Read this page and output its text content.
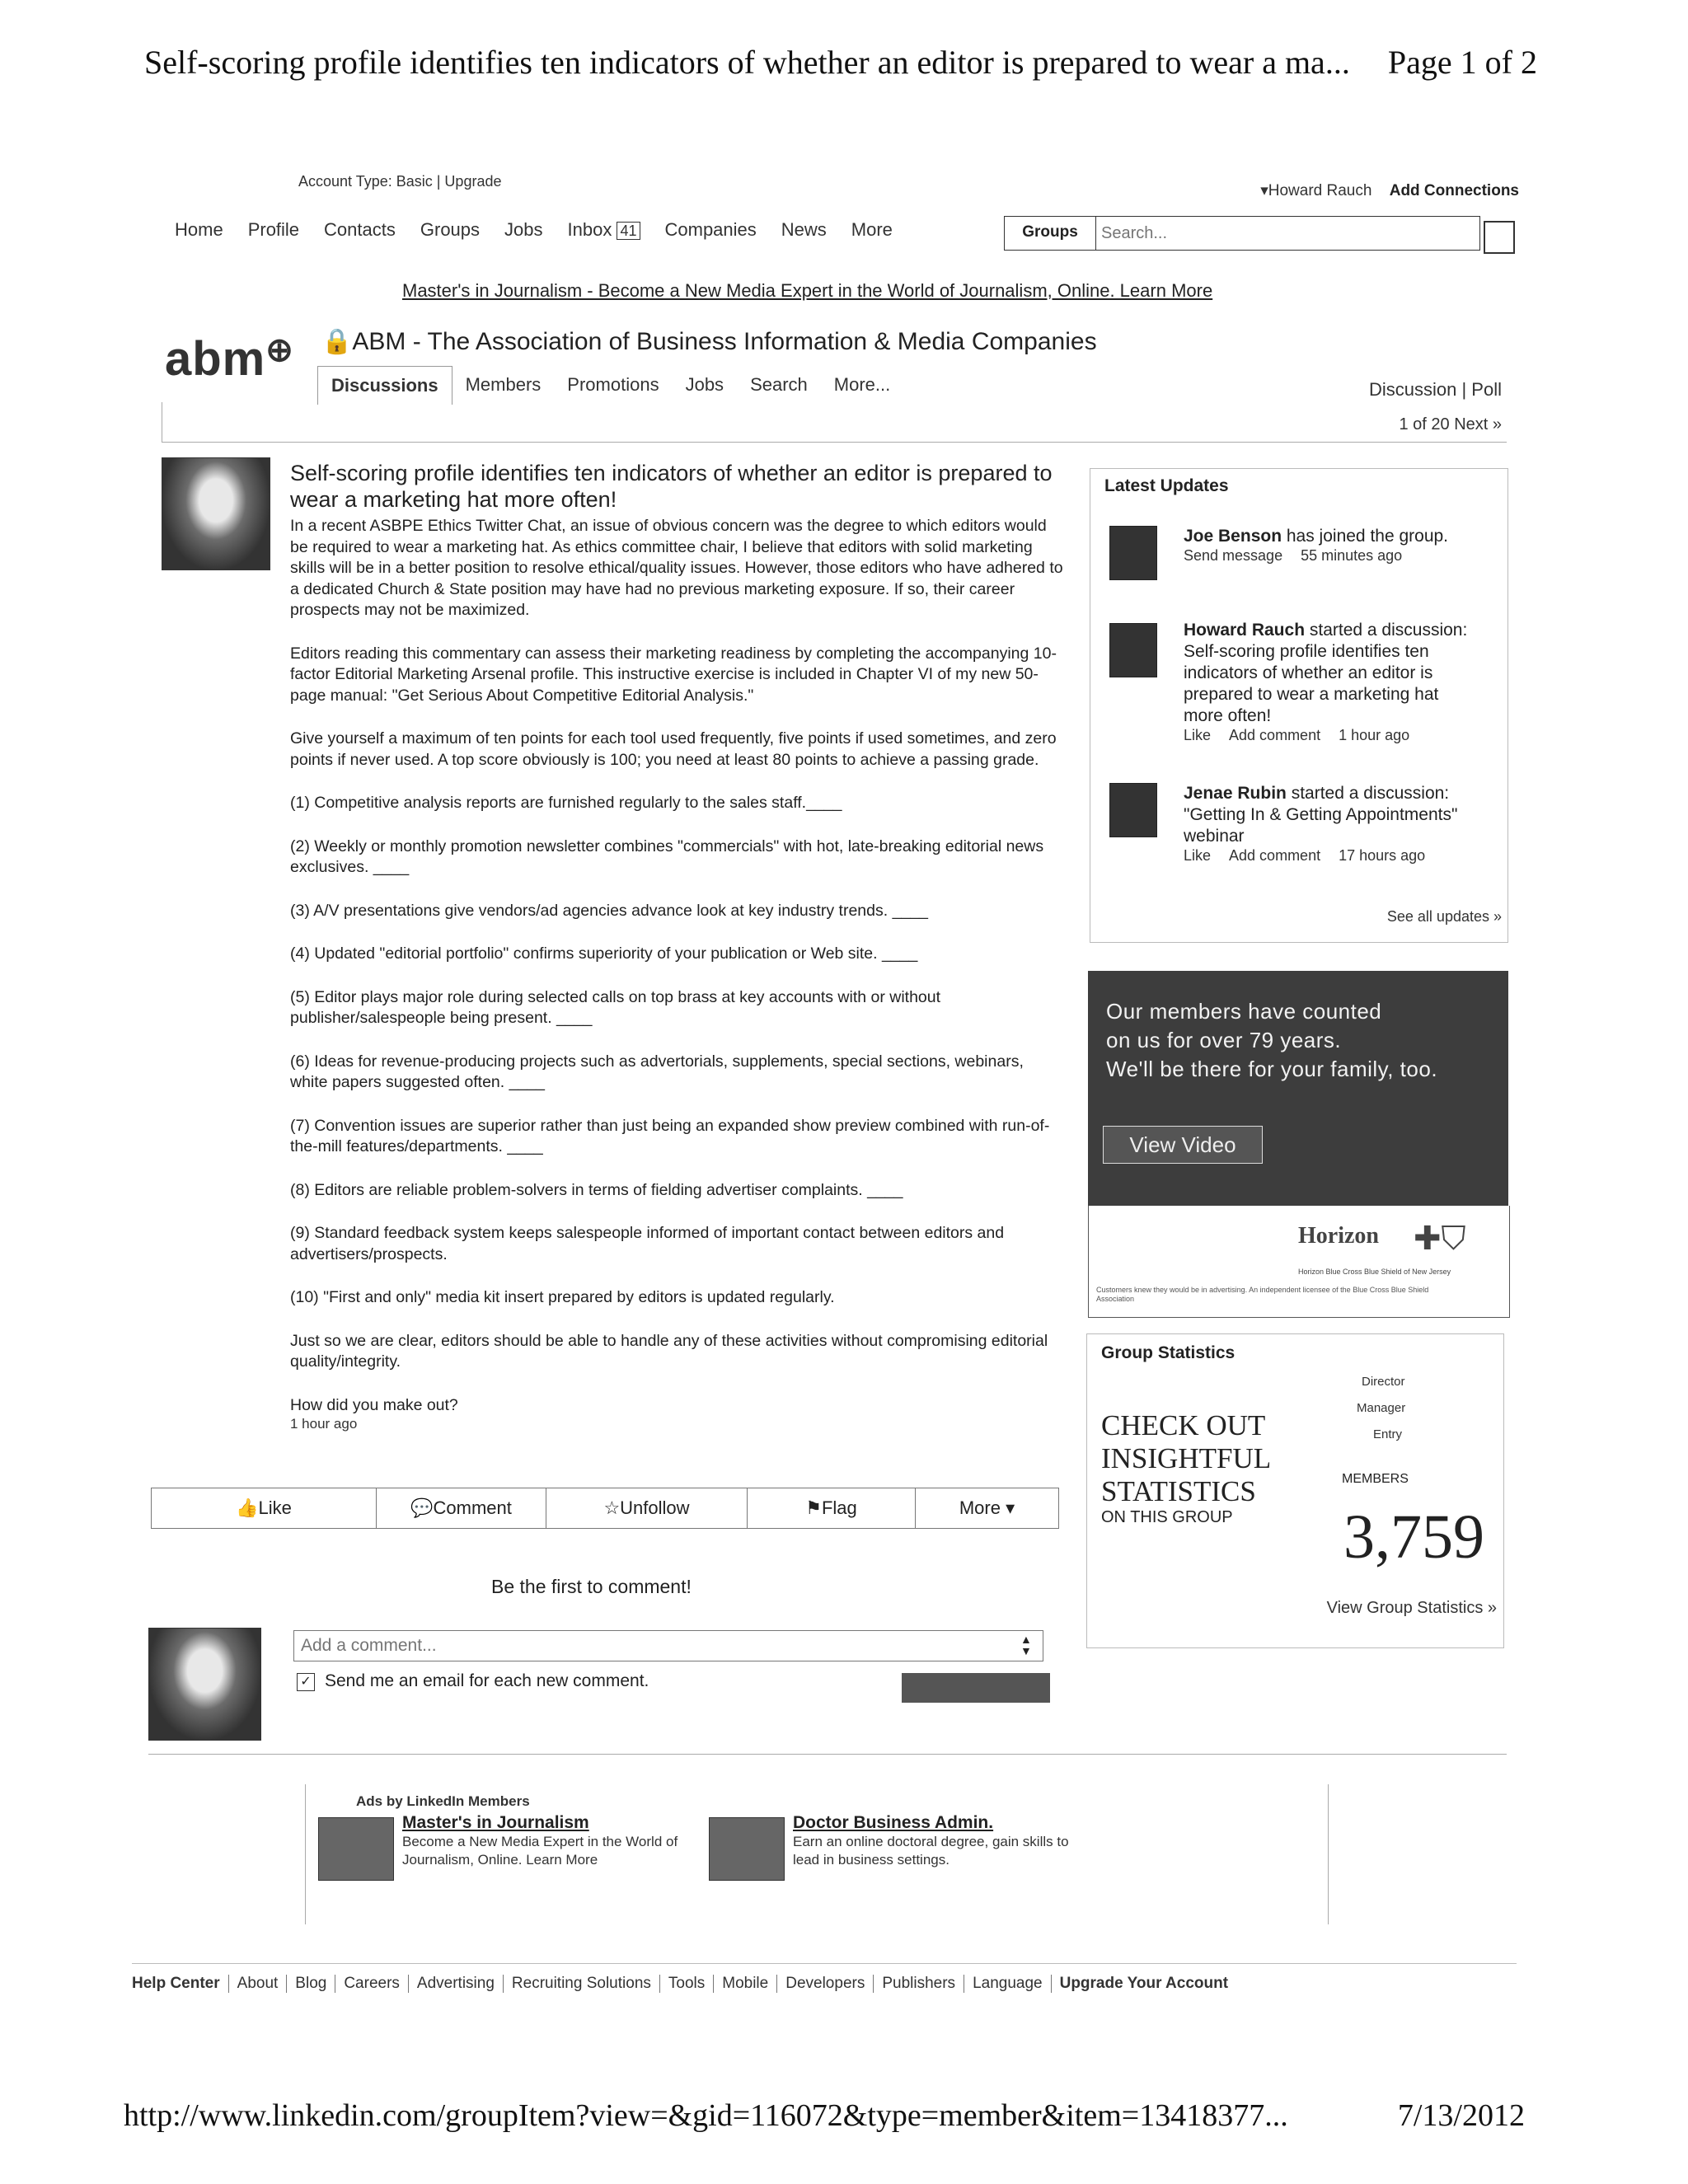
Self-scoring profile identifies ten indicators of whether an editor is prepared to wear a ma... Page 1 of 2
Account Type: Basic | Upgrade
▾Howard Rauch Add Connections
Home Profile Contacts Groups Jobs Inbox 41 Companies News More	Groups
Search...
Master's in Journalism - Become a New Media Expert in the World of Journalism, Online. Learn More
abm⊕ 🔒ABM - The Association of Business Information & Media Companies
Discussions	Members	Promotions	Jobs	Search	More...	Discussion | Poll
1 of 20 Next »
Self-scoring profile identifies ten indicators of whether an editor is prepared to wear a marketing hat more often!

In a recent ASBPE Ethics Twitter Chat, an issue of obvious concern was the degree to which editors would be required to wear a marketing hat. As ethics committee chair, I believe that editors with solid marketing skills will be in a better position to resolve ethical/quality issues. However, those editors who have adhered to a dedicated Church & State position may have had no previous marketing exposure. If so, their career prospects may not be maximized.

Editors reading this commentary can assess their marketing readiness by completing the accompanying 10-factor Editorial Marketing Arsenal profile. This instructive exercise is included in Chapter VI of my new 50-page manual: "Get Serious About Competitive Editorial Analysis."

Give yourself a maximum of ten points for each tool used frequently, five points if used sometimes, and zero points if never used. A top score obviously is 100; you need at least 80 points to achieve a passing grade.

(1) Competitive analysis reports are furnished regularly to the sales staff.____

(2) Weekly or monthly promotion newsletter combines "commercials" with hot, late-breaking editorial news exclusives. ____

(3) A/V presentations give vendors/ad agencies advance look at key industry trends. ____

(4) Updated "editorial portfolio" confirms superiority of your publication or Web site. ____

(5) Editor plays major role during selected calls on top brass at key accounts with or without publisher/salespeople being present. ____

(6) Ideas for revenue-producing projects such as advertorials, supplements, special sections, webinars, white papers suggested often. ____

(7) Convention issues are superior rather than just being an expanded show preview combined with run-of-the-mill features/departments. ____

(8) Editors are reliable problem-solvers in terms of fielding advertiser complaints. ____

(9) Standard feedback system keeps salespeople informed of important contact between editors and advertisers/prospects.

(10) "First and only" media kit insert prepared by editors is updated regularly.

Just so we are clear, editors should be able to handle any of these activities without compromising editorial quality/integrity.

How did you make out?

1 hour ago
👍Like	💬Comment	☆Unfollow	⚑Flag	More ▾
Be the first to comment!
Add a comment...
▲
▼
✓ Send me an email for each new comment.
Ads by LinkedIn Members
Master's in Journalism
Become a New Media Expert in the World of Journalism, Online. Learn More
Doctor Business Admin.
Earn an online doctoral degree, gain skills to lead in business settings.
Help Center	About	Blog	Careers	Advertising	Recruiting Solutions	Tools	Mobile	Developers	Publishers	Language	Upgrade Your Account
Latest Updates
Joe Benson has joined the group.
Send message 55 minutes ago
Howard Rauch started a discussion: Self-scoring profile identifies ten indicators of whether an editor is prepared to wear a marketing hat more often!
Like Add comment 1 hour ago
Jenae Rubin started a discussion: "Getting In & Getting Appointments" webinar
Like Add comment 17 hours ago
See all updates »
Our members have counted
on us for over 79 years.
We'll be there for your family, too.
View Video
Horizon ✚⛉
Horizon Blue Cross Blue Shield of New Jersey
Customers knew they would be in advertising. An independent licensee of the Blue Cross Blue Shield Association
Group Statistics
Director
Manager
Entry
CHECK OUT
INSIGHTFUL
STATISTICS
ON THIS GROUP
MEMBERS
3,759
View Group Statistics »
http://www.linkedin.com/groupItem?view=&gid=116072&type=member&item=13418377...	7/13/2012
